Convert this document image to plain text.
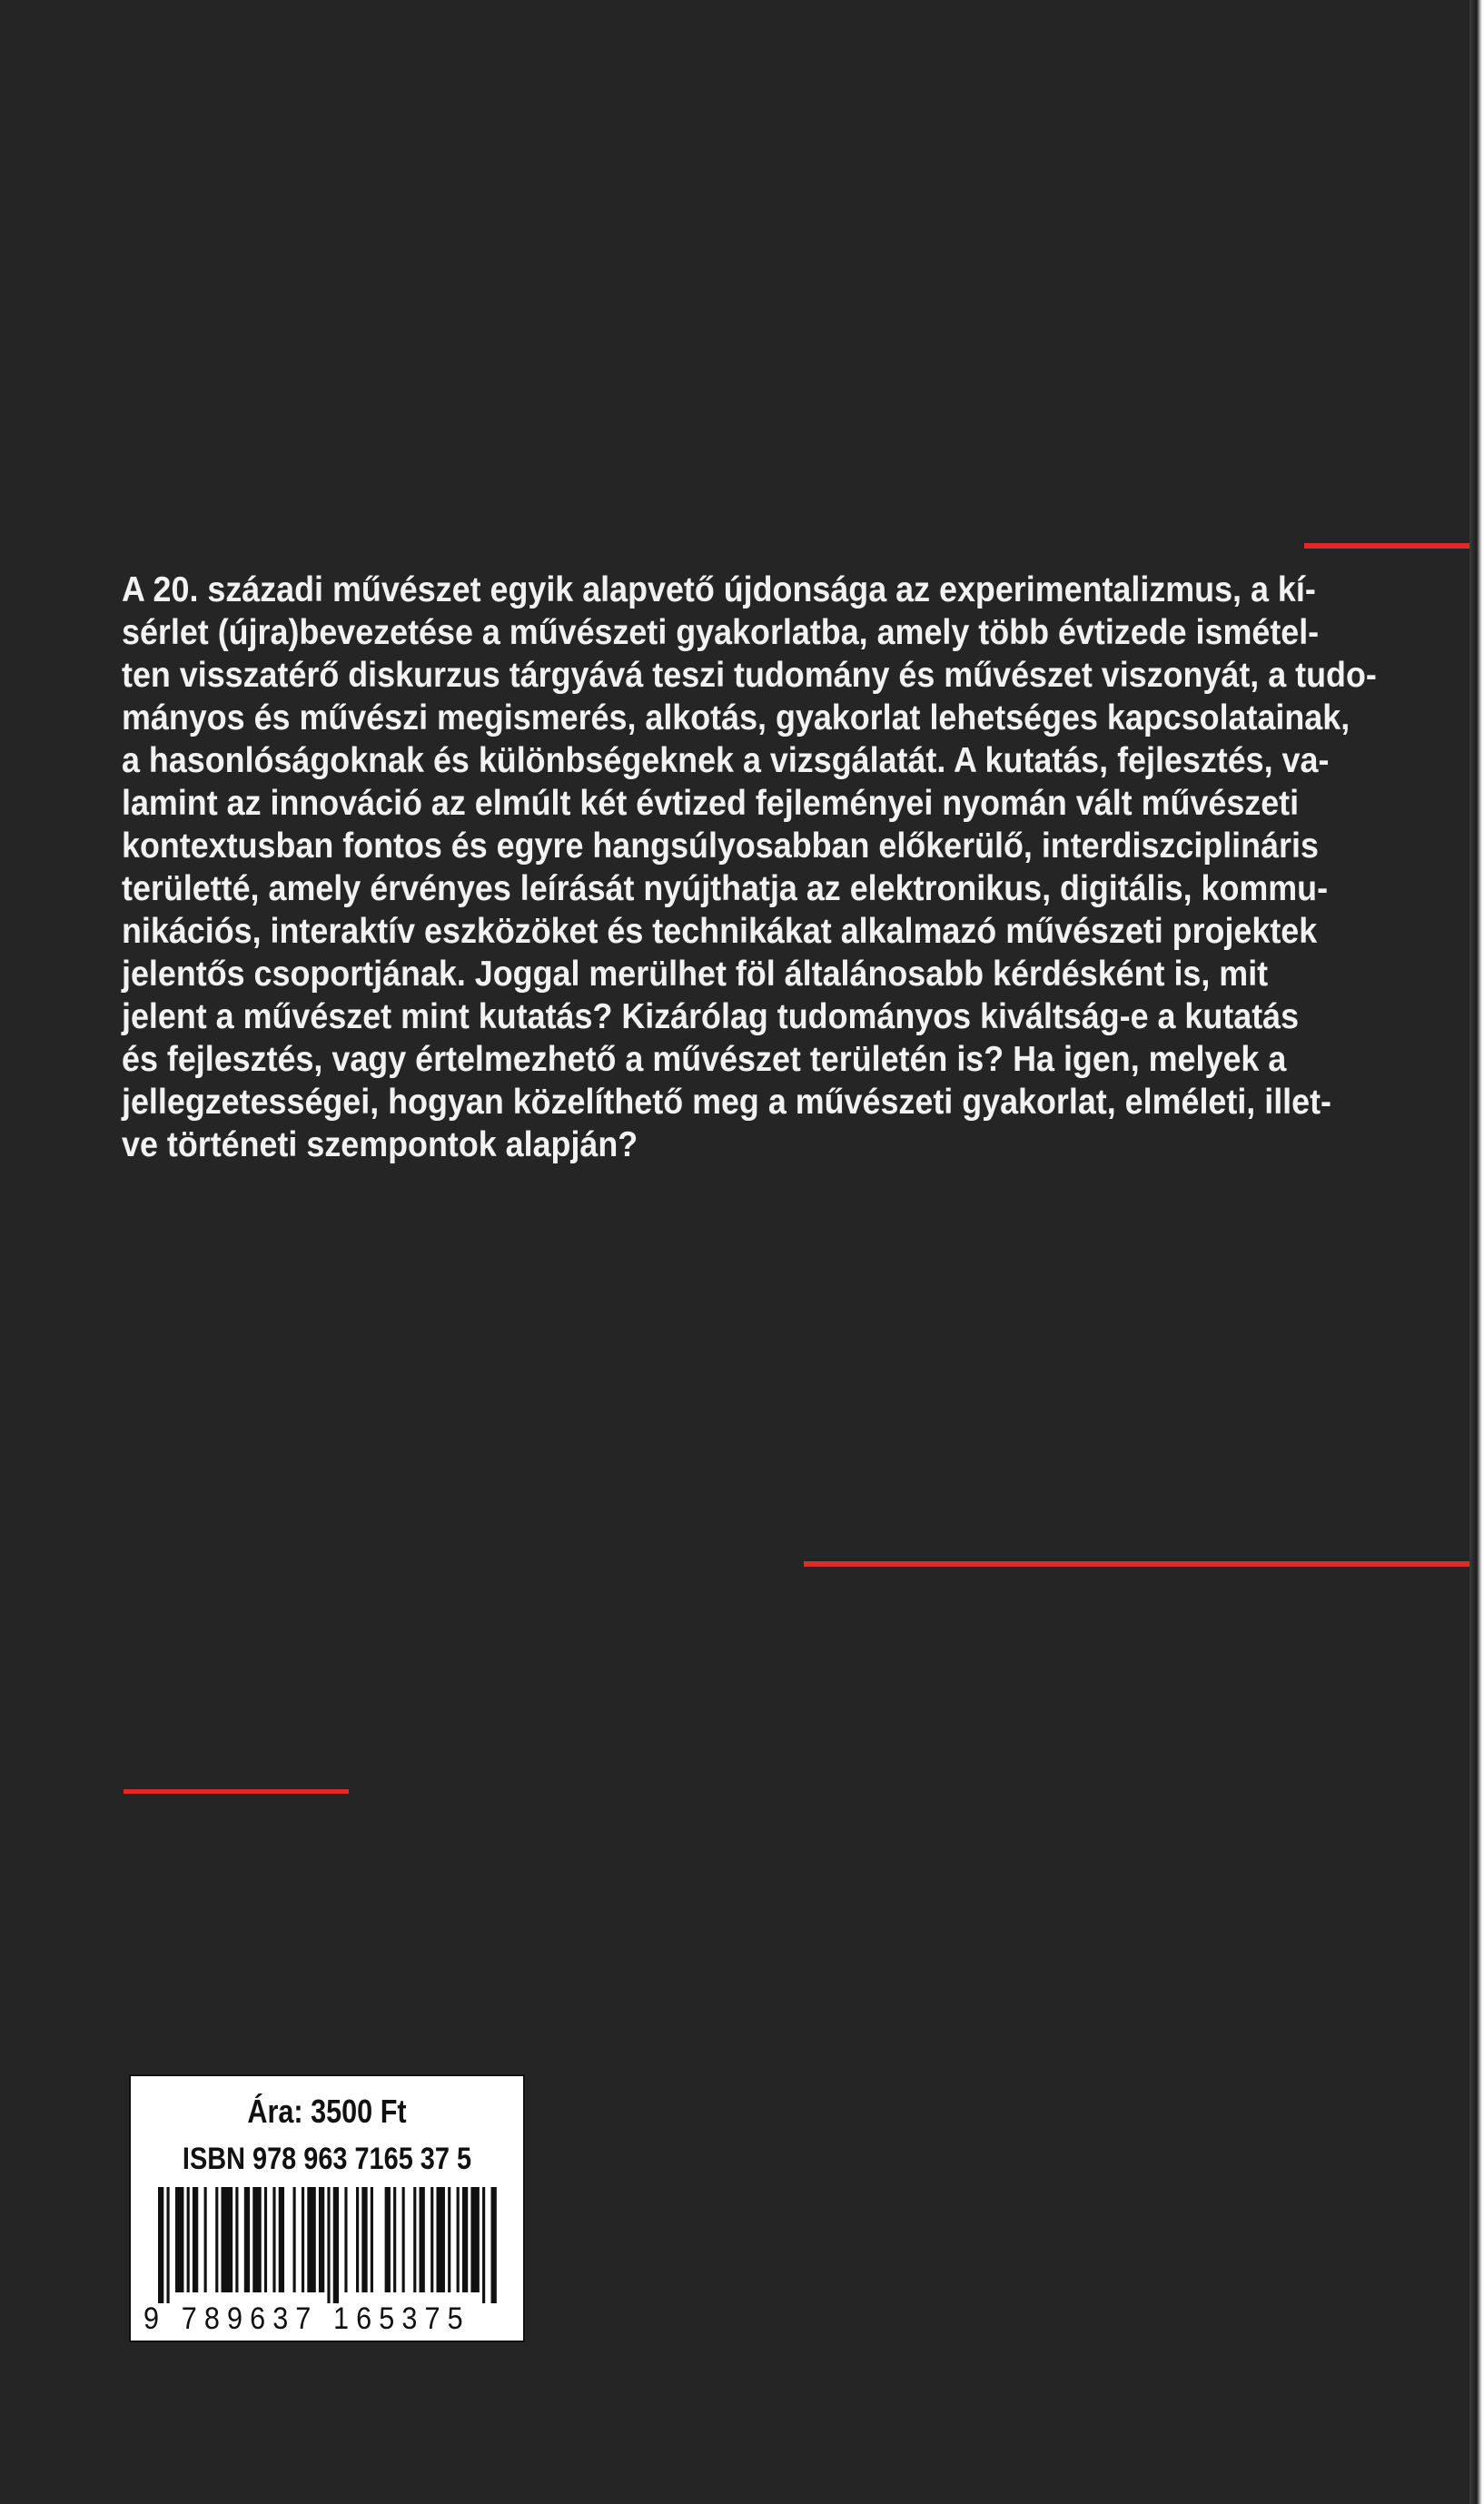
A 20. századi művészet egyik alapvető újdonsága az experimentalizmus, a kí-
sérlet (újra)bevezetése a művészeti gyakorlatba, amely több évtizede ismétel-
ten visszatérő diskurzus tárgyává teszi tudomány és művészet viszonyát, a tudo-
mányos és művészi megismerés, alkotás, gyakorlat lehetséges kapcsolatainak,
a hasonlóságoknak és különbségeknek a vizsgálatát. A kutatás, fejlesztés, va-
lamint az innováció az elmúlt két évtized fejleményei nyomán vált művészeti
kontextusban fontos és egyre hangsúlyosabban előkerülő, interdiszciplináris
területté, amely érvényes leírását nyújthatja az elektronikus, digitális, kommu-
nikációs, interaktív eszközöket és technikákat alkalmazó művészeti projektek
jelentős csoportjának. Joggal merülhet föl általánosabb kérdésként is, mit
jelent a művészet mint kutatás? Kizárólag tudományos kiváltság-e a kutatás
és fejlesztés, vagy értelmezhető a művészet területén is? Ha igen, melyek a
jellegzetességei, hogyan közelíthető meg a művészeti gyakorlat, elméleti, illet-
ve történeti szempontok alapján?
Ára: 3500 Ft
ISBN 978 963 7165 37 5
9 789637 165375
